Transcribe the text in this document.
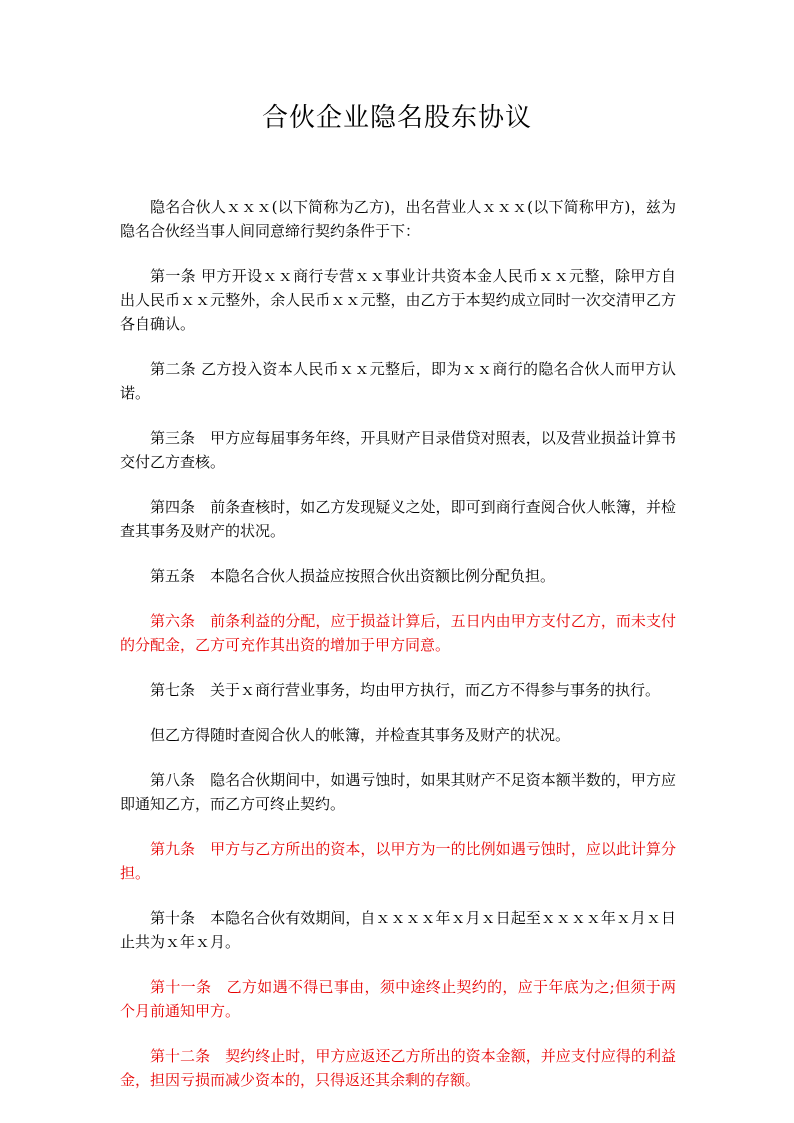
合伙企业隐名股东协议

隐名合伙人ｘｘｘ(以下简称为乙方)，出名营业人ｘｘｘ(以下简称甲方)，兹为隐名合伙经当事人间同意缔行契约条件于下：

第一条 甲方开设ｘｘ商行专营ｘｘ事业计共资本金人民币ｘｘ元整，除甲方自出人民币ｘｘ元整外，余人民币ｘｘ元整，由乙方于本契约成立同时一次交清甲乙方各自确认。

第二条 乙方投入资本人民币ｘｘ元整后，即为ｘｘ商行的隐名合伙人而甲方认诺。

第三条　甲方应每届事务年终，开具财产目录借贷对照表，以及营业损益计算书交付乙方查核。

第四条　前条查核时，如乙方发现疑义之处，即可到商行查阅合伙人帐簿，并检查其事务及财产的状况。

第五条　本隐名合伙人损益应按照合伙出资额比例分配负担。

第六条　前条利益的分配，应于损益计算后，五日内由甲方支付乙方，而未支付的分配金，乙方可充作其出资的增加于甲方同意。

第七条　关于ｘ商行营业事务，均由甲方执行，而乙方不得参与事务的执行。

但乙方得随时查阅合伙人的帐簿，并检查其事务及财产的状况。

第八条　隐名合伙期间中，如遇亏蚀时，如果其财产不足资本额半数的，甲方应即通知乙方，而乙方可终止契约。

第九条　甲方与乙方所出的资本，以甲方为一的比例如遇亏蚀时，应以此计算分担。

第十条　本隐名合伙有效期间，自ｘｘｘｘ年ｘ月ｘ日起至ｘｘｘｘ年ｘ月ｘ日止共为ｘ年ｘ月。

第十一条　乙方如遇不得已事由，须中途终止契约的，应于年底为之;但须于两个月前通知甲方。

第十二条　契约终止时，甲方应返还乙方所出的资本金额，并应支付应得的利益金，担因亏损而减少资本的，只得返还其余剩的存额。
